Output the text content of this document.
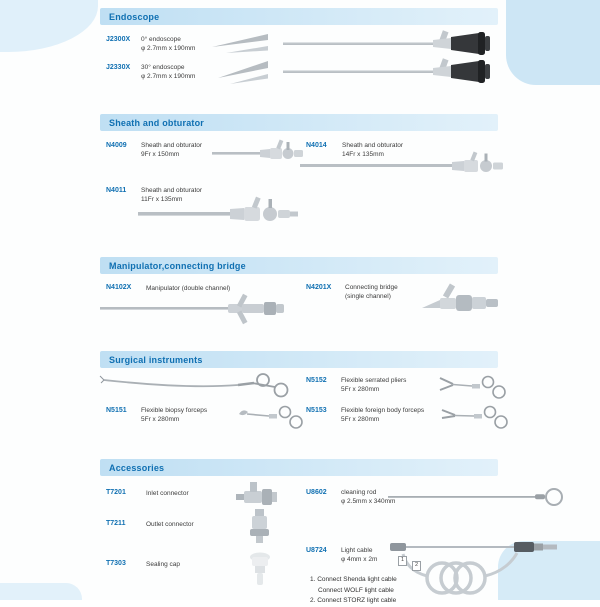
Endoscope
J2300X 0° endoscope
φ 2.7mm x 190mm
J2330X 30° endoscope
φ 2.7mm x 190mm
Sheath and obturator
N4009 Sheath and obturator
9Fr x 150mm
N4014 Sheath and obturator
14Fr x 135mm
N4011 Sheath and obturator
11Fr x 135mm
Manipulator,connecting bridge
N4102X Manipulator (double channel)	N4201X Connecting bridge
(single channel)
Surgical instruments
N5152 Flexible serrated pliers
5Fr x 280mm
N5151 Flexible biopsy forceps
5Fr x 280mm
N5153 Flexible foreign body forceps
5Fr x 280mm
Accessories
T7201	Inlet connector	U8602 cleaning rod
φ 2.5mm x 340mm
T7211	Outlet connector
U8724 Light cable
φ 4mm x 2m	1
2
T7303	Sealing cap
1. Connect Shenda light cable
Connect WOLF light cable
2. Connect STORZ light cable
